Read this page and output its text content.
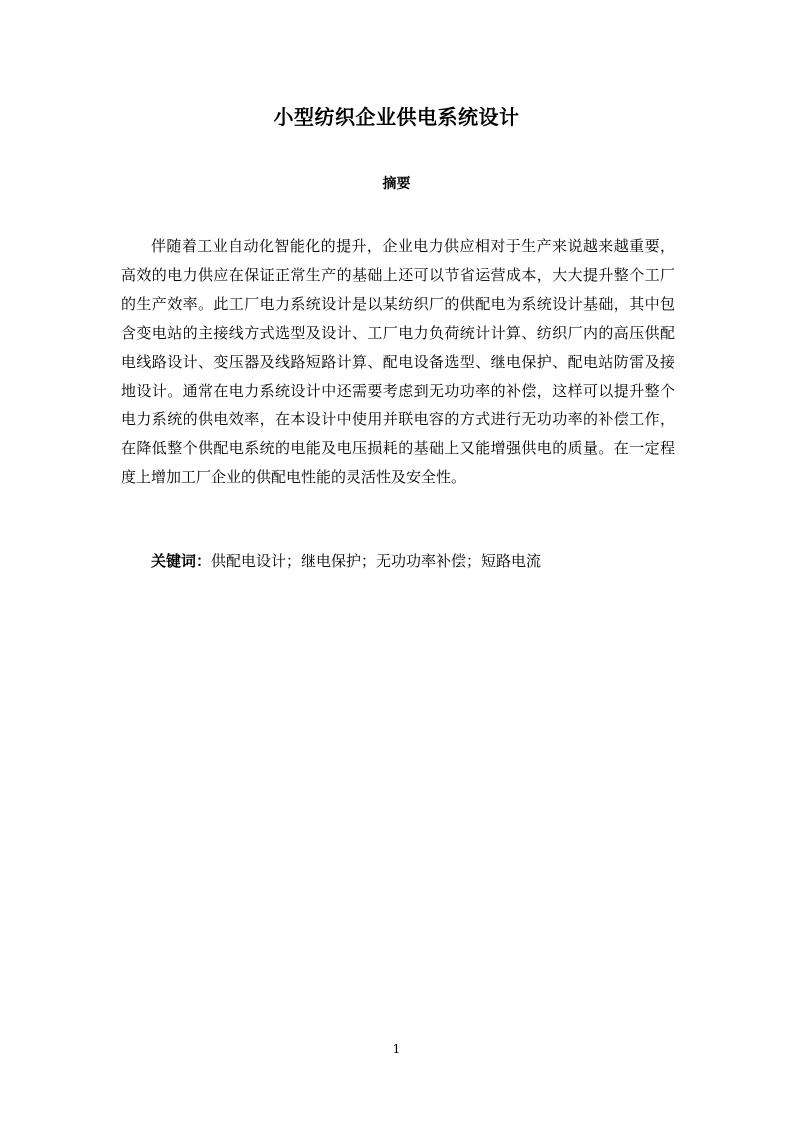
小型纺织企业供电系统设计
摘要

伴随着工业自动化智能化的提升，企业电力供应相对于生产来说越来越重要，高效的电力供应在保证正常生产的基础上还可以节省运营成本，大大提升整个工厂的生产效率。此工厂电力系统设计是以某纺织厂的供配电为系统设计基础，其中包含变电站的主接线方式选型及设计、工厂电力负荷统计计算、纺织厂内的高压供配电线路设计、变压器及线路短路计算、配电设备选型、继电保护、配电站防雷及接地设计。通常在电力系统设计中还需要考虑到无功功率的补偿，这样可以提升整个电力系统的供电效率，在本设计中使用并联电容的方式进行无功功率的补偿工作，在降低整个供配电系统的电能及电压损耗的基础上又能增强供电的质量。在一定程度上增加工厂企业的供配电性能的灵活性及安全性。

关键词：供配电设计；继电保护；无功功率补偿；短路电流
1
